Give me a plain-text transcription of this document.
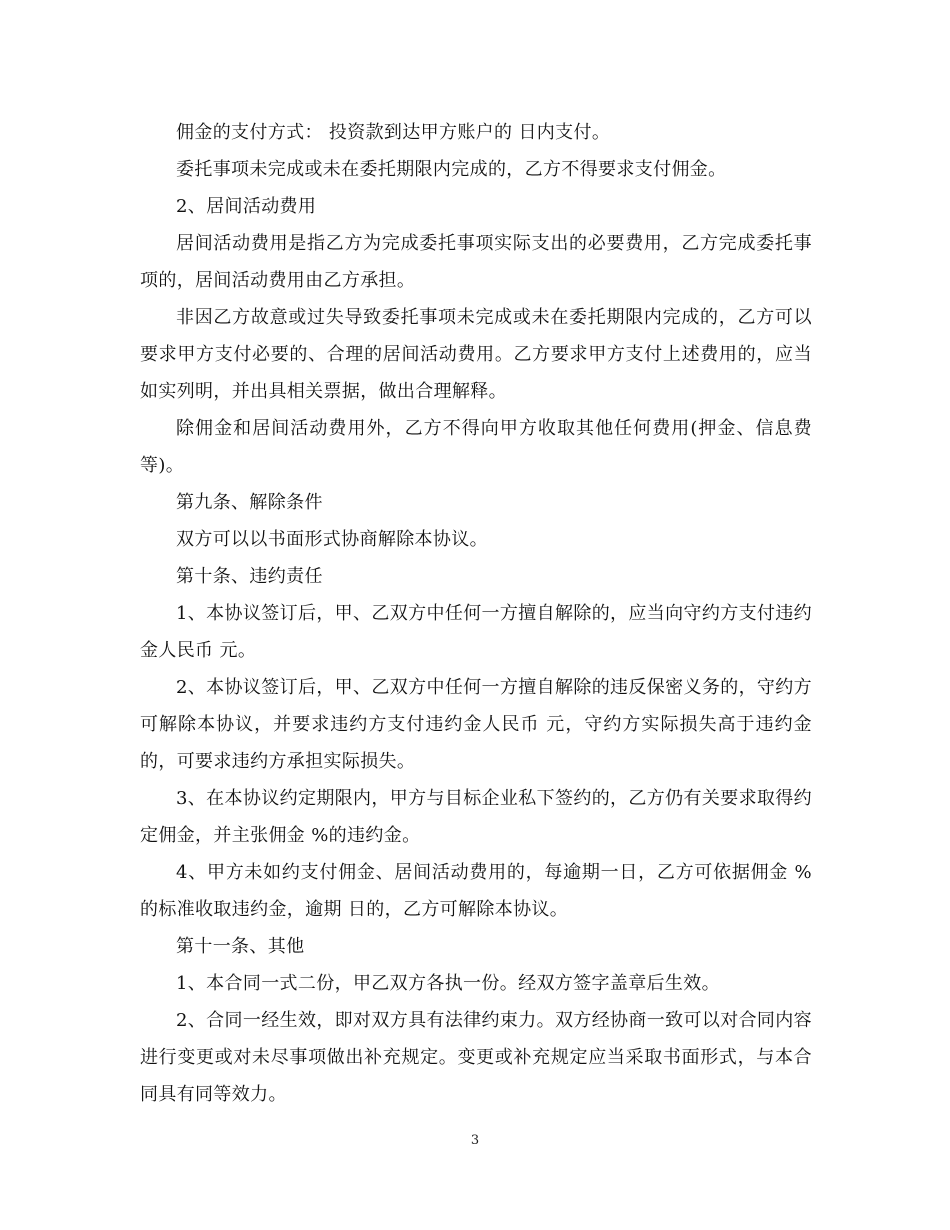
佣金的支付方式： 投资款到达甲方账户的 日内支付。

委托事项未完成或未在委托期限内完成的，乙方不得要求支付佣金。

2、居间活动费用

居间活动费用是指乙方为完成委托事项实际支出的必要费用，乙方完成委托事项的，居间活动费用由乙方承担。

非因乙方故意或过失导致委托事项未完成或未在委托期限内完成的，乙方可以要求甲方支付必要的、合理的居间活动费用。乙方要求甲方支付上述费用的，应当如实列明，并出具相关票据，做出合理解释。

除佣金和居间活动费用外，乙方不得向甲方收取其他任何费用(押金、信息费等)。

第九条、解除条件

双方可以以书面形式协商解除本协议。

第十条、违约责任

1、本协议签订后，甲、乙双方中任何一方擅自解除的，应当向守约方支付违约金人民币 元。

2、本协议签订后，甲、乙双方中任何一方擅自解除的违反保密义务的，守约方可解除本协议，并要求违约方支付违约金人民币 元，守约方实际损失高于违约金的，可要求违约方承担实际损失。

3、在本协议约定期限内，甲方与目标企业私下签约的，乙方仍有关要求取得约定佣金，并主张佣金 %的违约金。

4、甲方未如约支付佣金、居间活动费用的，每逾期一日，乙方可依据佣金 %的标准收取违约金，逾期 日的，乙方可解除本协议。

第十一条、其他

1、本合同一式二份，甲乙双方各执一份。经双方签字盖章后生效。

2、合同一经生效，即对双方具有法律约束力。双方经协商一致可以对合同内容进行变更或对未尽事项做出补充规定。变更或补充规定应当采取书面形式，与本合同具有同等效力。

3
